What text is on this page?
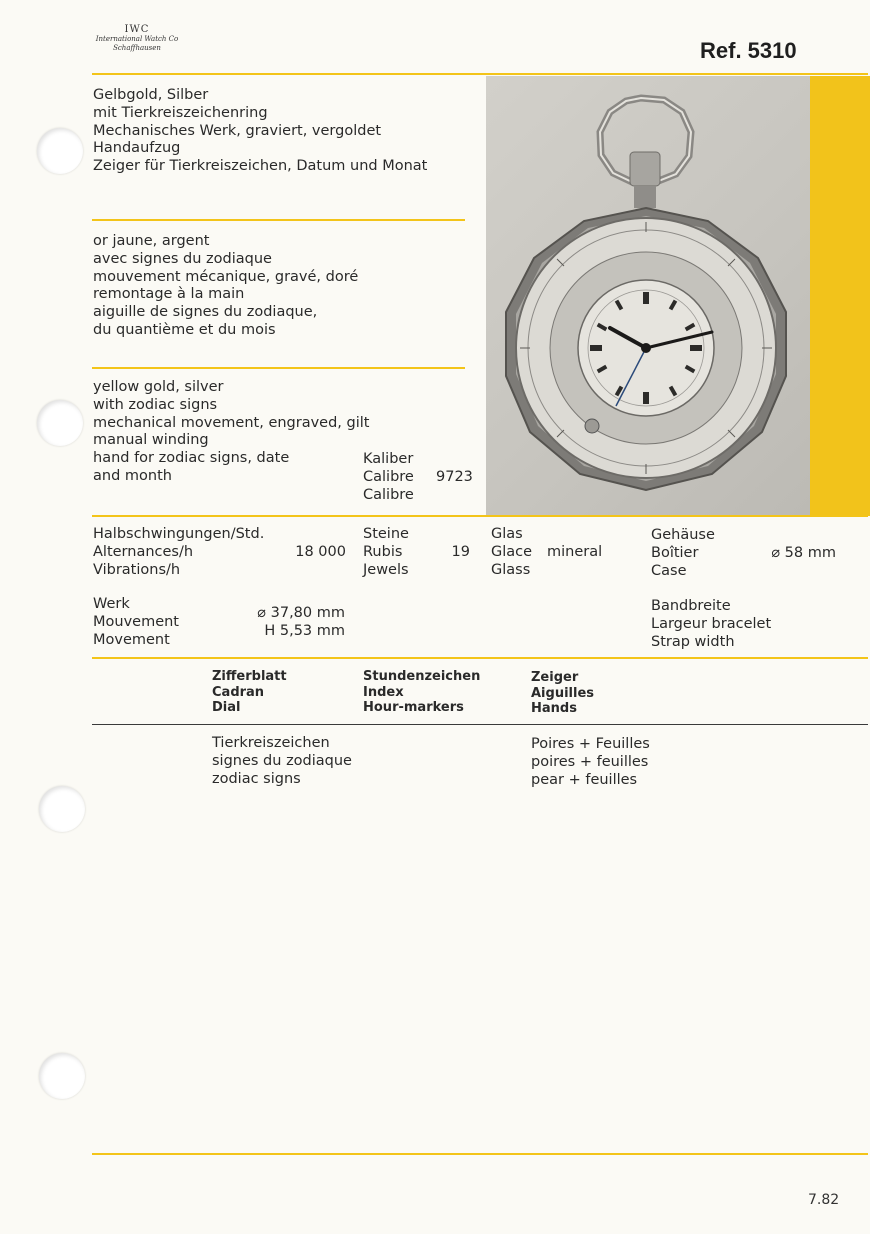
IWC
International Watch Co
Schaffhausen	Ref. 5310
Gelbgold, Silber
mit Tierkreiszeichenring
Mechanisches Werk, graviert, vergoldet
Handaufzug
Zeiger für Tierkreiszeichen, Datum und Monat
or jaune, argent
avec signes du zodiaque
mouvement mécanique, gravé, doré
remontage à la main
aiguille de signes du zodiaque,
du quantième et du mois
yellow gold, silver
with zodiac signs
mechanical movement, engraved, gilt
manual winding
hand for zodiac signs, date
and month
Kaliber
Calibre
Calibre
9723
Halbschwingungen/Std.
Alternances/h
Vibrations/h
18 000
Steine
Rubis
Jewels
19
Glas
Glace
Glass
mineral
Gehäuse
Boîtier
Case
⌀ 58 mm
Werk
Mouvement
Movement
⌀ 37,80 mm
H 5,53 mm
Bandbreite
Largeur bracelet
Strap width
Zifferblatt
Cadran
Dial
Stundenzeichen
Index
Hour-markers
Zeiger
Aiguilles
Hands
Tierkreiszeichen
signes du zodiaque
zodiac signs
Poires + Feuilles
poires + feuilles
pear + feuilles
7.82
